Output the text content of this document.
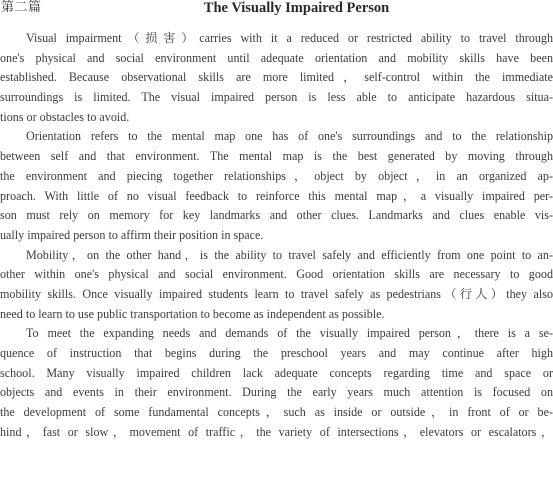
第二篇	The Visually Impaired Person
Visual impairment（损害）carries with it a reduced or restricted ability to travel through
one's physical and social environment until adequate orientation and mobility skills have been
established. Because observational skills are more limited，self-control within the immediate
surroundings is limited. The visual impaired person is less able to anticipate hazardous situa-
tions or obstacles to avoid.
Orientation refers to the mental map one has of one's surroundings and to the relationship
between self and that environment. The mental map is the best generated by moving through
the environment and piecing together relationships，object by object，in an organized ap-
proach. With little of no visual feedback to reinforce this mental map，a visually impaired per-
son must rely on memory for key landmarks and other clues. Landmarks and clues enable vis-
ually impaired person to affirm their position in space.
Mobility，on the other hand，is the ability to travel safely and efficiently from one point to an-
other within one's physical and social environment. Good orientation skills are necessary to good
mobility skills. Once visually impaired students learn to travel safely as pedestrians（行人）they also
need to learn to use public transportation to become as independent as possible.
To meet the expanding needs and demands of the visually impaired person，there is a se-
quence of instruction that begins during the preschool years and may continue after high
school. Many visually impaired children lack adequate concepts regarding time and space or
objects and events in their environment. During the early years much attention is focused on
the development of some fundamental concepts，such as inside or outside，in front of or be-
hind，fast or slow，movement of traffic，the variety of intersections，elevators or escalators，
